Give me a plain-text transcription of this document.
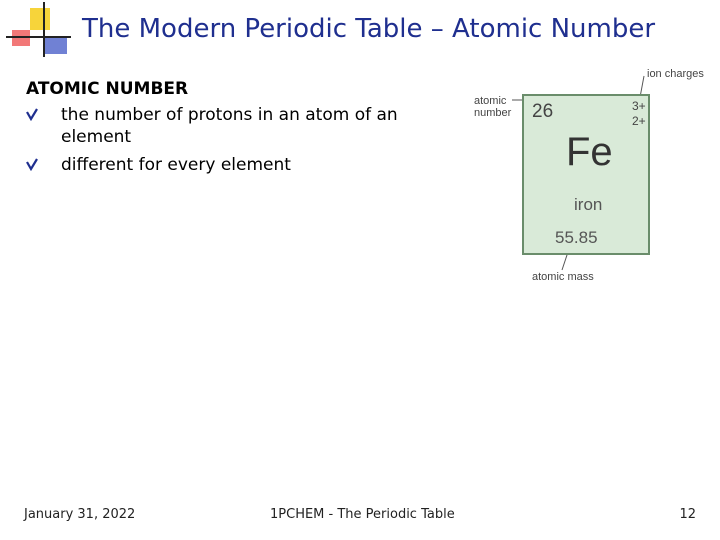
The Modern Periodic Table – Atomic Number
ATOMIC NUMBER
the number of protons in an atom of an element
different for every element
atomic
number
ion charges
26	3+
2+
Fe
iron
55.85
atomic mass
January 31, 2022	1PCHEM - The Periodic Table	12
